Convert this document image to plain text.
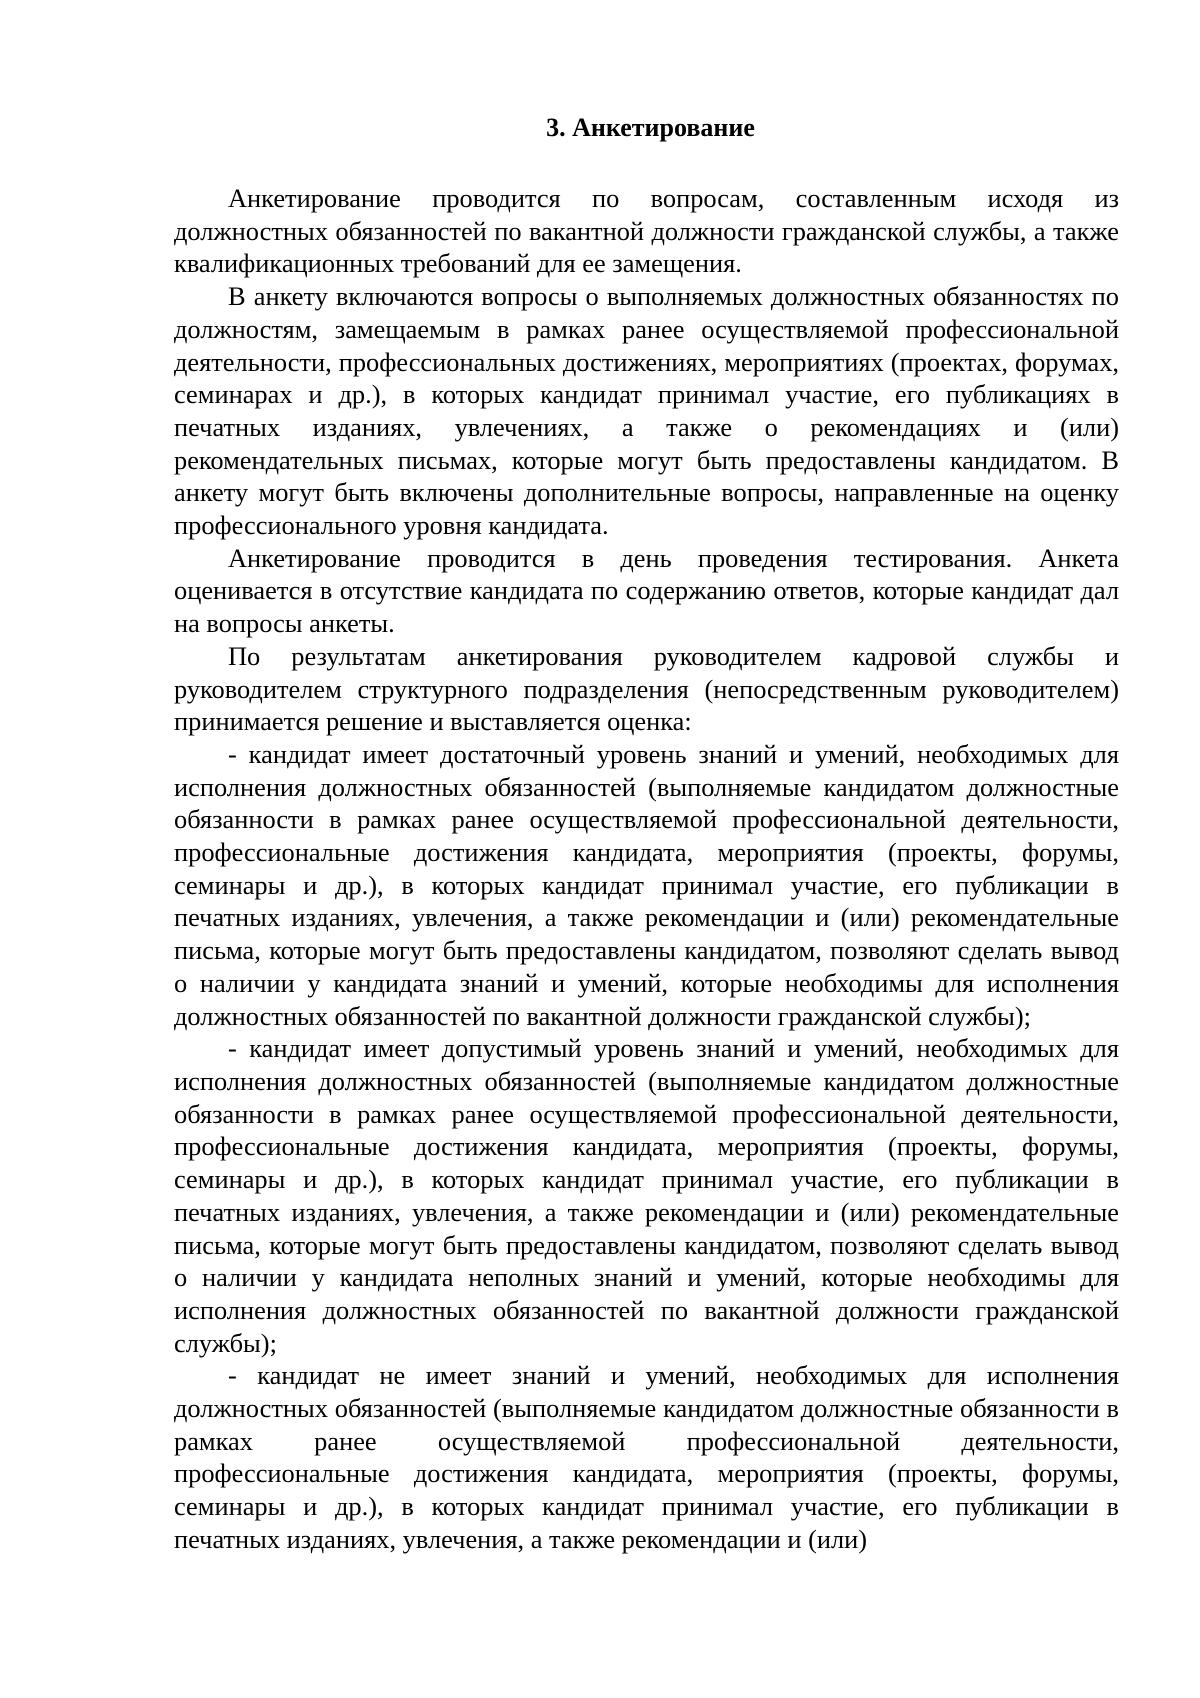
3. Анкетирование

Анкетирование проводится по вопросам, составленным исходя из должностных обязанностей по вакантной должности гражданской службы, а также квалификационных требований для ее замещения.

В анкету включаются вопросы о выполняемых должностных обязанностях по должностям, замещаемым в рамках ранее осуществляемой профессиональной деятельности, профессиональных достижениях, мероприятиях (проектах, форумах, семинарах и др.), в которых кандидат принимал участие, его публикациях в печатных изданиях, увлечениях, а также о рекомендациях и (или) рекомендательных письмах, которые могут быть предоставлены кандидатом. В анкету могут быть включены дополнительные вопросы, направленные на оценку профессионального уровня кандидата.

Анкетирование проводится в день проведения тестирования. Анкета оценивается в отсутствие кандидата по содержанию ответов, которые кандидат дал на вопросы анкеты.

По результатам анкетирования руководителем кадровой службы и руководителем структурного подразделения (непосредственным руководителем) принимается решение и выставляется оценка:

- кандидат имеет достаточный уровень знаний и умений, необходимых для исполнения должностных обязанностей (выполняемые кандидатом должностные обязанности в рамках ранее осуществляемой профессиональной деятельности, профессиональные достижения кандидата, мероприятия (проекты, форумы, семинары и др.), в которых кандидат принимал участие, его публикации в печатных изданиях, увлечения, а также рекомендации и (или) рекомендательные письма, которые могут быть предоставлены кандидатом, позволяют сделать вывод о наличии у кандидата знаний и умений, которые необходимы для исполнения должностных обязанностей по вакантной должности гражданской службы);

- кандидат имеет допустимый уровень знаний и умений, необходимых для исполнения должностных обязанностей (выполняемые кандидатом должностные обязанности в рамках ранее осуществляемой профессиональной деятельности, профессиональные достижения кандидата, мероприятия (проекты, форумы, семинары и др.), в которых кандидат принимал участие, его публикации в печатных изданиях, увлечения, а также рекомендации и (или) рекомендательные письма, которые могут быть предоставлены кандидатом, позволяют сделать вывод о наличии у кандидата неполных знаний и умений, которые необходимы для исполнения должностных обязанностей по вакантной должности гражданской службы);

- кандидат не имеет знаний и умений, необходимых для исполнения должностных обязанностей (выполняемые кандидатом должностные обязанности в рамках ранее осуществляемой профессиональной деятельности, профессиональные достижения кандидата, мероприятия (проекты, форумы, семинары и др.), в которых кандидат принимал участие, его публикации в печатных изданиях, увлечения, а также рекомендации и (или)
